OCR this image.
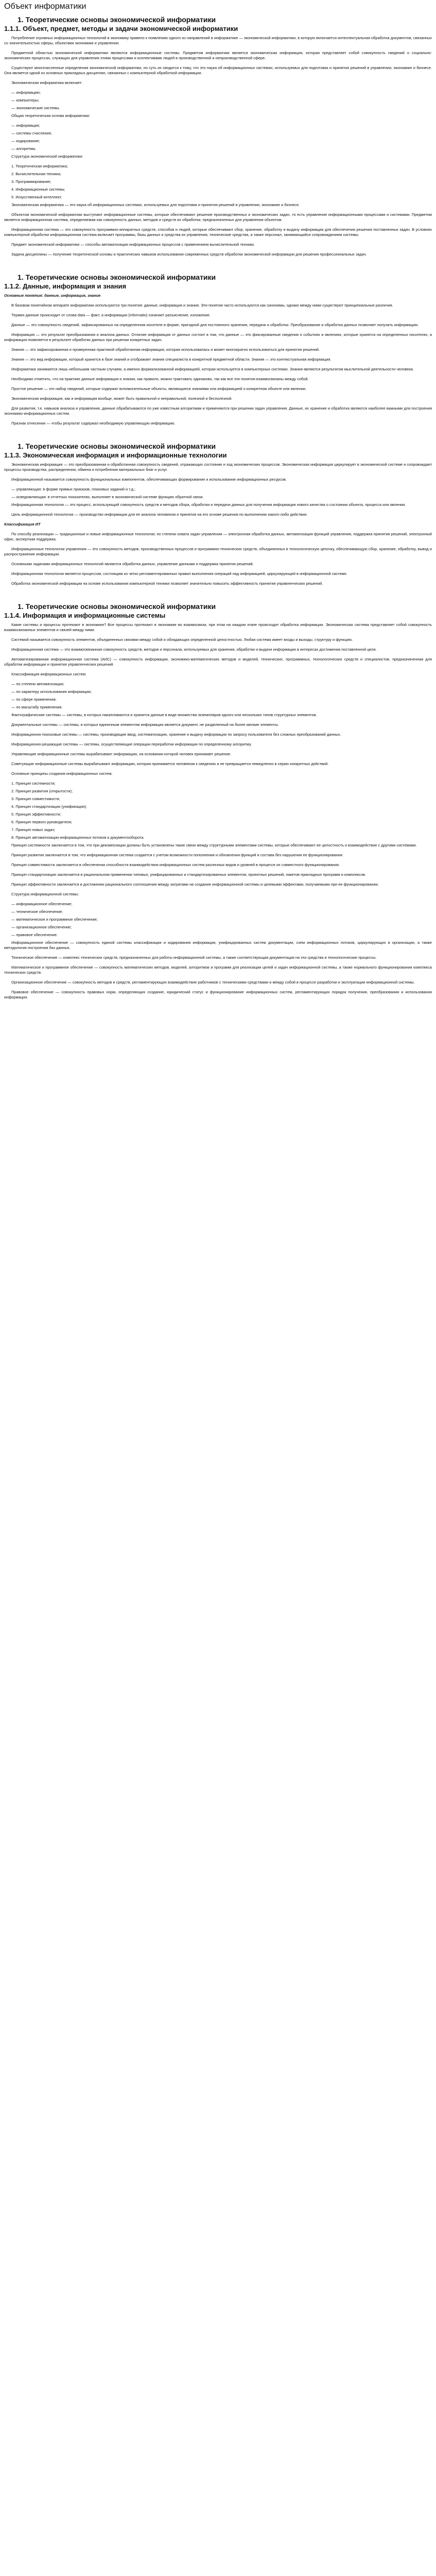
Объект информатики
1. Теоретические основы экономической информатики
1.1.1. Объект, предмет, методы и задачи экономической информатики

Потребление огромных информационных технологий в экономику привело к появлению одного из направлений в информатике — экономической информатики, в которую включается интеллектуальная обработка документов, связанных со значительностью сферы, объектами экономики и управления.

Предметной областью экономической информатики являются информационные системы. Предметом информатики является экономическая информация, которая представляет собой совокупность сведений о социально-экономических процессах, служащих для управления этими процессами и коллективами людей в производственной и непроизводственной сфере.

Существуют многочисленные определения экономической информатики, но суть их сводится к тому, что это наука об информационных системах, используемых для подготовки и принятия решений в управлении, экономике и бизнесе. Она является одной из основных прикладных дисциплин, связанных с компьютерной обработкой информации.

Экономическая информатика включает:

— информацию;

— компьютеры;

— экономические системы.

Общая теоретическая основа информатики:

— информация;

— системы счисления;

— кодирование;

— алгоритмы.

Структура экономической информатики:

1. Теоретическая информатика;

2. Вычислительная техника;

3. Программирование;

4. Информационные системы;

5. Искусственный интеллект.

Экономическая информатика — это наука об информационных системах, используемых для подготовки и принятия решений в управлении, экономике и бизнесе.

Объектом экономической информатики выступают информационные системы, которые обеспечивают решение производственных и экономических задач, то есть управление информационными процессами и системами. Предметом является информационная система, определяемая как совокупность данных, методов и средств их обработки, предназначенных для управления объектом.

Информационная система — это совокупность программно-аппаратных средств, способов и людей, которые обеспечивают сбор, хранение, обработку и выдачу информации для обеспечения решения поставленных задач. В условиях компьютерной обработки информационная система включает программы, базы данных и средства их управления, технические средства, а также персонал, занимающийся сопровождением системы.

Предмет экономической информатики — способы автоматизации информационных процессов с применением вычислительной техники.

Задача дисциплины — получение теоретической основы и практических навыков использования современных средств обработки экономической информации для решения профессиональных задач.

1. Теоретические основы экономической информатики
1.1.2. Данные, информация и знания

Основные понятия: данные, информация, знание

В базовом понятийном аппарате информатики используются три понятия: данные, информация и знания. Эти понятия часто используются как синонимы, однако между ними существуют принципиальные различия.

Термин данные происходит от слова data — факт, а информация (informatio) означает разъяснение, изложение.

Данные — это совокупность сведений, зафиксированных на определенном носителе в форме, пригодной для постоянного хранения, передачи и обработки. Преобразование и обработка данных позволяет получить информацию.

Информация — это результат преобразования и анализа данных. Отличие информации от данных состоит в том, что данные — это фиксированные сведения о событиях и явлениях, которые хранятся на определенных носителях, а информация появляется в результате обработки данных при решении конкретных задач.

Знания — это зафиксированная и проверенная практикой обработанная информация, которая использовалась и может многократно использоваться для принятия решений.

Знания — это вид информации, который хранится в базе знаний и отображает знания специалиста в конкретной предметной области. Знания — это контекстуальная информация.

Информатика занимается лишь небольшим частным случаем, а именно формализованной информацией, которая используется в компьютерных системах. Знания являются результатом мыслительной деятельности человека.

Необходимо отметить, что на практике данные информация и знания, как правило, можно трактовать одинаково, так как все эти понятия взаимосвязаны между собой.

Простое решение — это набор сведений, которые содержат вспомогательные объекты, являющиеся знаниями или информацией о конкретном объекте или явлении.

Экономическая информация, как и информация вообще, может быть правильной и неправильной, полезной и бесполезной.

Для развития, т.е. навыков анализа и управления, данные обрабатываются по уже известным алгоритмам и применяются при решении задач управления. Данные, их хранение и обработка являются наиболее важными для построения экономико-информационных систем.

Признак отнесения — чтобы результат содержал необходимую управляющую информацию.

1. Теоретические основы экономической информатики
1.1.3. Экономическая информация и информационные технологии

Экономическая информация — это преобразованная и обработанная совокупность сведений, отражающих состояние и ход экономических процессов. Экономическая информация циркулирует в экономической системе и сопровождает процессы производства, распределения, обмена и потребления материальных благ и услуг.

Информационной называется совокупность функциональных компонентов, обеспечивающих формирование и использование информационных ресурсов.

— управляющая: в форме прямых приказов, плановых заданий и т.д.;

— осведомляющая: в отчетных показателях, выполняет в экономической системе функцию обратной связи.

Информационная технология — это процесс, использующий совокупность средств и методов сбора, обработки и передачи данных для получения информации нового качества о состоянии объекта, процесса или явления.

Цель информационной технологии — производство информации для ее анализа человеком и принятия на его основе решения по выполнению какого-либо действия.

Классификация ИТ

По способу реализации — традиционные и новые информационные технологии; по степени охвата задач управления — электронная обработка данных, автоматизация функций управления, поддержка принятия решений, электронный офис, экспертная поддержка.

Информационные технологии управления — это совокупность методов, производственных процессов и программно-технических средств, объединенных в технологическую цепочку, обеспечивающую сбор, хранение, обработку, вывод и распространение информации.

Основными задачами информационных технологий являются обработка данных, управление данными и поддержка принятия решений.

Информационная технология является процессом, состоящим из четко регламентированных правил выполнения операций над информацией, циркулирующей в информационной системе.

Обработка экономической информации на основе использования компьютерной техники позволяет значительно повысить эффективность принятия управленческих решений.

1. Теоретические основы экономической информатики
1.1.4. Информация и информационные системы

Какие системы и процессы протекают в экономике? Все процессы протекают в экономике во взаимосвязи, при этом на каждом этапе происходит обработка информации. Экономическая система представляет собой совокупность взаимосвязанных элементов и связей между ними.

Системой называется совокупность элементов, объединенных связями между собой и обладающих определенной целостностью. Любая система имеет входы и выходы, структуру и функцию.

Информационная система — это взаимосвязанная совокупность средств, методов и персонала, используемых для хранения, обработки и выдачи информации в интересах достижения поставленной цели.

Автоматизированная информационная система (АИС) — совокупность информации, экономико-математических методов и моделей, технических, программных, технологических средств и специалистов, предназначенная для обработки информации и принятия управленческих решений.

Классификация информационных систем:

— по степени автоматизации;

— по характеру использования информации;

— по сфере применения;

— по масштабу применения.

Фактографические системы — системы, в которых накапливаются и хранятся данные в виде множества экземпляров одного или нескольких типов структурных элементов.

Документальные системы — системы, в которых единичным элементом информации является документ, не разделенный на более мелкие элементы.

Информационно-поисковые системы — системы, производящие ввод, систематизацию, хранение и выдачу информации по запросу пользователя без сложных преобразований данных.

Информационно-решающие системы — системы, осуществляющие операции переработки информации по определенному алгоритму.

Управляющие информационные системы вырабатывают информацию, на основании которой человек принимает решение.

Советующие информационные системы вырабатывают информацию, которая принимается человеком к сведению и не превращается немедленно в серию конкретных действий.

Основные принципы создания информационных систем:

1. Принцип системности;

2. Принцип развития (открытости);

3. Принцип совместимости;

4. Принцип стандартизации (унификации);

5. Принцип эффективности;

6. Принцип первого руководителя;

7. Принцип новых задач;

8. Принцип автоматизации информационных потоков и документооборота.

Принцип системности заключается в том, что при декомпозиции должны быть установлены такие связи между структурными элементами системы, которые обеспечивают ее целостность и взаимодействие с другими системами.

Принцип развития заключается в том, что информационная система создается с учетом возможности пополнения и обновления функций и состава без нарушения ее функционирования.

Принцип совместимости заключается в обеспечении способности взаимодействия информационных систем различных видов и уровней в процессе их совместного функционирования.

Принцип стандартизации заключается в рациональном применении типовых, унифицированных и стандартизированных элементов, проектных решений, пакетов прикладных программ и комплексов.

Принцип эффективности заключается в достижении рационального соотношения между затратами на создание информационной системы и целевыми эффектами, получаемыми при ее функционировании.

Структура информационной системы:

— информационное обеспечение;

— техническое обеспечение;

— математическое и программное обеспечение;

— организационное обеспечение;

— правовое обеспечение.

Информационное обеспечение — совокупность единой системы классификации и кодирования информации, унифицированных систем документации, схем информационных потоков, циркулирующих в организации, а также методология построения баз данных.

Техническое обеспечение — комплекс технических средств, предназначенных для работы информационной системы, а также соответствующая документация на эти средства и технологические процессы.

Математическое и программное обеспечение — совокупность математических методов, моделей, алгоритмов и программ для реализации целей и задач информационной системы, а также нормального функционирования комплекса технических средств.

Организационное обеспечение — совокупность методов и средств, регламентирующих взаимодействие работников с техническими средствами и между собой в процессе разработки и эксплуатации информационной системы.

Правовое обеспечение — совокупность правовых норм, определяющих создание, юридический статус и функционирование информационных систем, регламентирующих порядок получения, преобразования и использования информации.
